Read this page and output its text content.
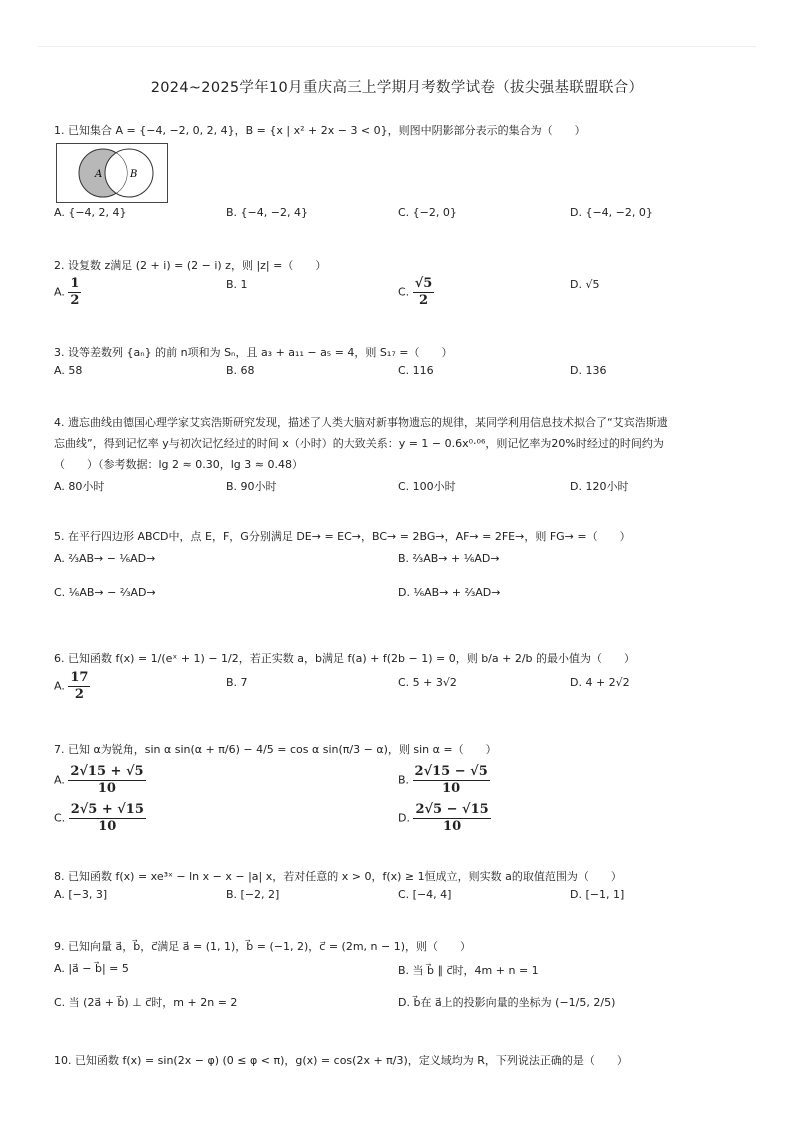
2024~2025学年10月重庆高三上学期月考数学试卷（拔尖强基联盟联合）
1. 已知集合 A = {−4, −2, 0, 2, 4}，B = {x | x² + 2x − 3 < 0}，则图中阴影部分表示的集合为（　　）
A	B
A. {−4, 2, 4}	B. {−4, −2, 4}	C. {−2, 0}	D. {−4, −2, 0}
2. 设复数 z满足 (2 + i) = (2 − i) z，则 |z| =（　　）
A. $\frac{1}{2}$	B. 1
C. $\frac{√5}{2}$	D. √5
3. 设等差数列 {aₙ} 的前 n项和为 Sₙ，且 a₃ + a₁₁ − a₅ = 4，则 S₁₇ =（　　）
A. 58	B. 68	C. 116	D. 136
4. 遗忘曲线由德国心理学家艾宾浩斯研究发现，描述了人类大脑对新事物遗忘的规律，某同学利用信息技术拟合了“艾宾浩斯遗
忘曲线”，得到记忆率 y与初次记忆经过的时间 x（小时）的大致关系：y = 1 − 0.6x⁰·⁰⁶，则记忆率为20%时经过的时间约为
（　　）（参考数据：lg 2 ≈ 0.30，lg 3 ≈ 0.48）
A. 80小时	B. 90小时	C. 100小时	D. 120小时
5. 在平行四边形 ABCD中，点 E，F，G分别满足 DE→ = EC→，BC→ = 2BG→，AF→ = 2FE→，则 FG→ =（　　）
A. ⅔AB→ − ⅙AD→	B. ⅔AB→ + ⅙AD→
C. ⅙AB→ − ⅔AD→	D. ⅙AB→ + ⅔AD→
6. 已知函数 f(x) = 1/(eˣ + 1) − 1/2，若正实数 a，b满足 f(a) + f(2b − 1) = 0，则 b/a + 2/b 的最小值为（　　）
A. $\frac{17}{2}$	B. 7	C. 5 + 3√2	D. 4 + 2√2
7. 已知 α为锐角，sin α sin(α + π/6) − 4/5 = cos α sin(π/3 − α)，则 sin α =（　　）
A. $\frac{2√15 + √5}{10}$	B. $\frac{2√15 - √5}{10}$
C. $\frac{2√5 + √15}{10}$	D. $\frac{2√5 - √15}{10}$
8. 已知函数 f(x) = xe³ˣ − ln x − x − |a| x，若对任意的 x > 0，f(x) ≥ 1恒成立，则实数 a的取值范围为（　　）
A. [−3, 3]	B. [−2, 2]	C. [−4, 4]	D. [−1, 1]
9. 已知向量 a⃗，b⃗，c⃗满足 a⃗ = (1, 1)，b⃗ = (−1, 2)，c⃗ = (2m, n − 1)，则（　　）
A. |a⃗ − b⃗| = 5	B. 当 b⃗ ∥ c⃗时，4m + n = 1
C. 当 (2a⃗ + b⃗) ⊥ c⃗时，m + 2n = 2	D. b⃗在 a⃗上的投影向量的坐标为 (−1/5, 2/5)
10. 已知函数 f(x) = sin(2x − φ) (0 ≤ φ < π)，g(x) = cos(2x + π/3)，定义域均为 R，下列说法正确的是（　　）
